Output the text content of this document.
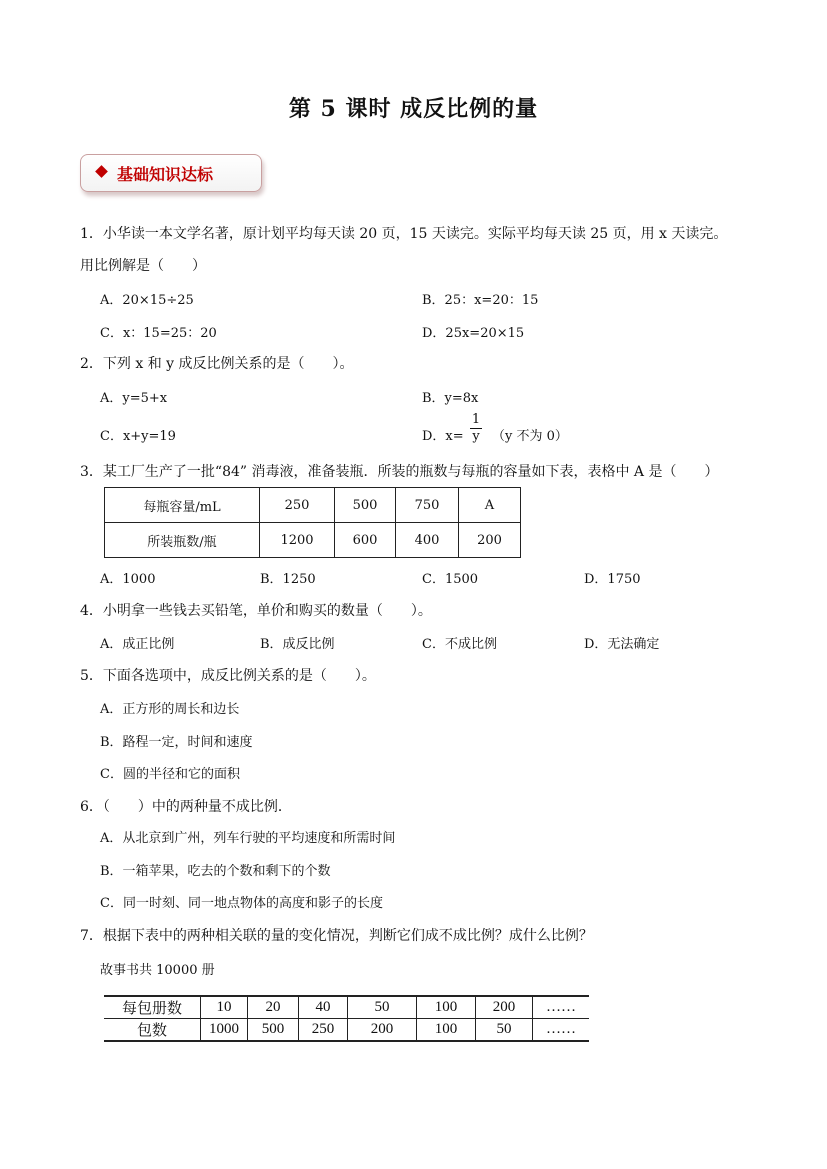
第 5 课时 成反比例的量
基础知识达标
1．小华读一本文学名著，原计划平均每天读 20 页，15 天读完。实际平均每天读 25 页，用 x 天读完。
用比例解是（　　）
A．20×15÷25	B．25：x=20：15
C．x：15=25：20	D．25x=20×15
2．下列 x 和 y 成反比例关系的是（　　）。
A．y=5+x	B．y=8x
C．x+y=19	D．x=
1
y （y 不为 0）
3．某工厂生产了一批“84” 消毒液，准备装瓶．所装的瓶数与每瓶的容量如下表，表格中 A 是（　　）
每瓶容量/mL	250	500	750	A
所装瓶数/瓶	1200	600	400	200
A．1000	B．1250	C．1500	D．1750
4．小明拿一些钱去买铅笔，单价和购买的数量（　　）。
A．成正比例	B．成反比例	C．不成比例	D．无法确定
5．下面各选项中，成反比例关系的是（　　）。
A．正方形的周长和边长
B．路程一定，时间和速度
C．圆的半径和它的面积
6．（　　）中的两种量不成比例．
A．从北京到广州，列车行驶的平均速度和所需时间
B．一箱苹果，吃去的个数和剩下的个数
C．同一时刻、同一地点物体的高度和影子的长度
7．根据下表中的两种相关联的量的变化情况，判断它们成不成比例？成什么比例？
故事书共 10000 册
每包册数	10	20	40	50	100	200	……
包数	1000	500	250	200	100	50	……
